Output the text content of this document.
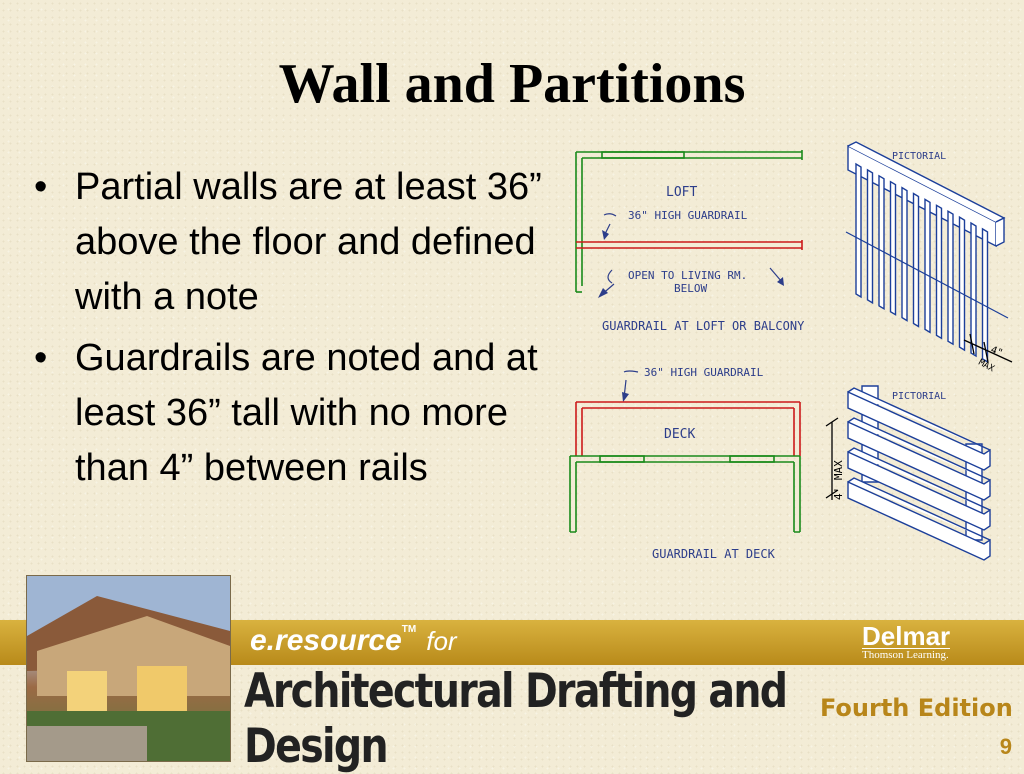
Wall and Partitions
• Partial walls are at least 36” above the floor and defined with a note
• Guardrails are noted and at least 36” tall with no more than 4” between rails
LOFT
36" HIGH GUARDRAIL
OPEN TO LIVING RM.
BELOW
GUARDRAIL AT LOFT OR BALCONY
PICTORIAL
4"
MAX
36" HIGH GUARDRAIL
DECK
GUARDRAIL AT DECK
PICTORIAL
4' MAX
e.resource™ for	Delmar
Thomson Learning.
Architectural Drafting and Design
Fourth Edition
9
